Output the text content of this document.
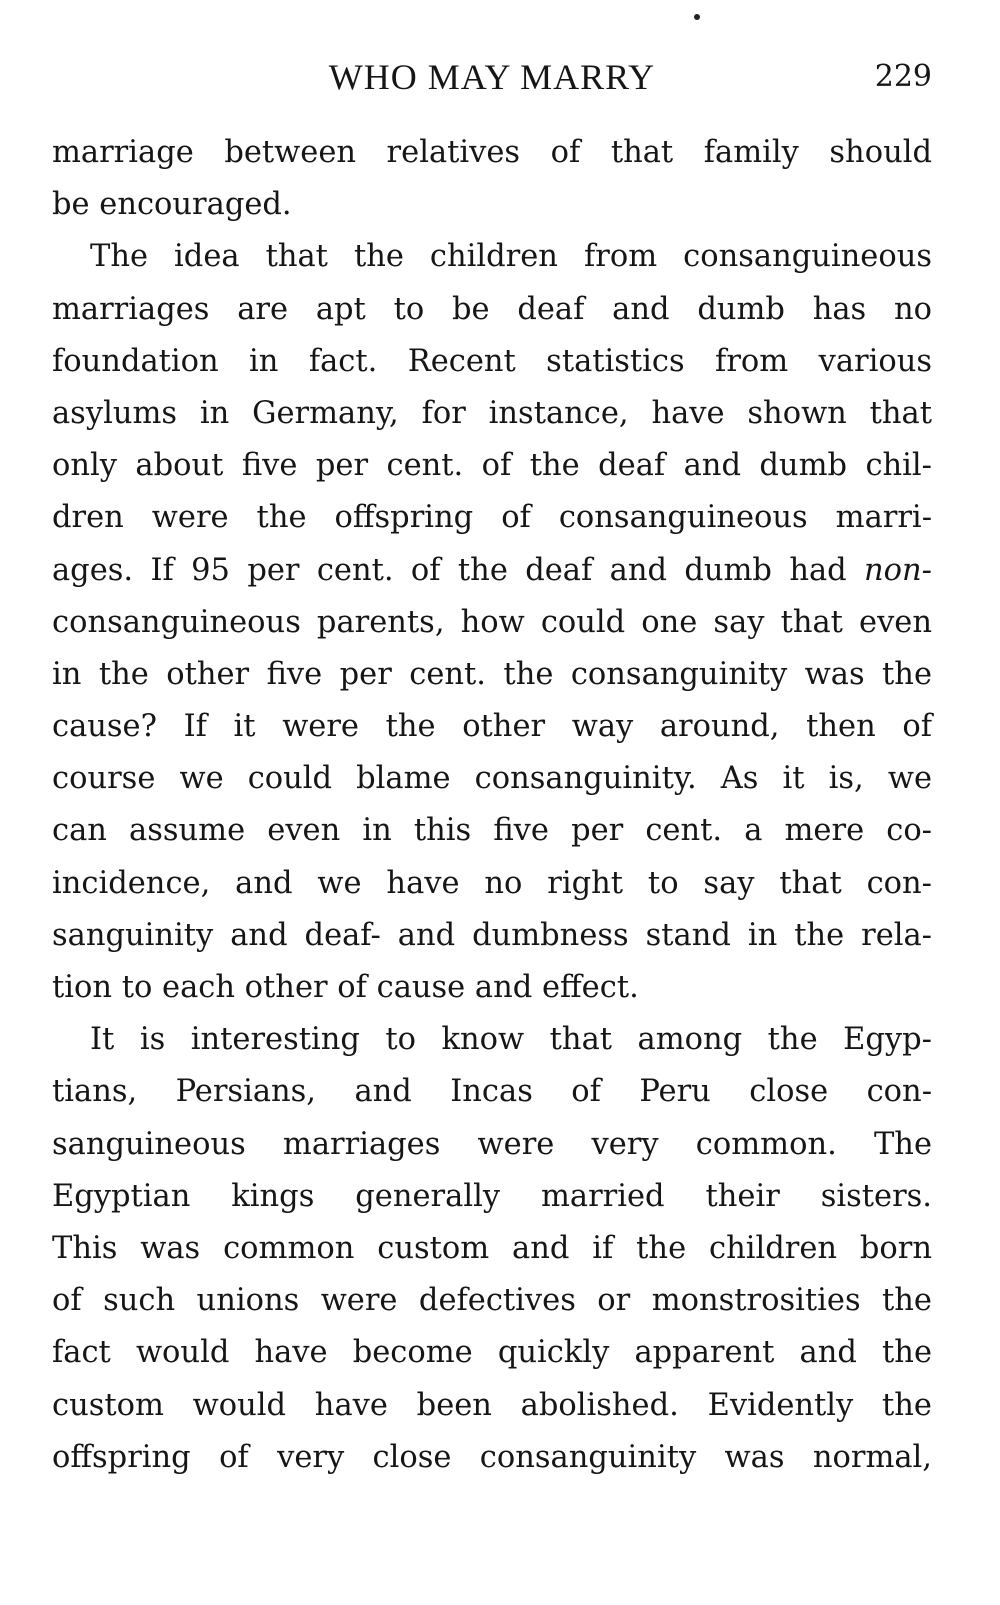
WHO MAY MARRY	229
marriage between relatives of that family should
be encouraged.
The idea that the children from consanguineous
marriages are apt to be deaf and dumb has no
foundation in fact. Recent statistics from various
asylums in Germany, for instance, have shown that
only about five per cent. of the deaf and dumb chil-
dren were the offspring of consanguineous marri-
ages. If 95 per cent. of the deaf and dumb had non-
consanguineous parents, how could one say that even
in the other five per cent. the consanguinity was the
cause? If it were the other way around, then of
course we could blame consanguinity. As it is, we
can assume even in this five per cent. a mere co-
incidence, and we have no right to say that con-
sanguinity and deaf- and dumbness stand in the rela-
tion to each other of cause and effect.
It is interesting to know that among the Egyp-
tians, Persians, and Incas of Peru close con-
sanguineous marriages were very common. The
Egyptian kings generally married their sisters.
This was common custom and if the children born
of such unions were defectives or monstrosities the
fact would have become quickly apparent and the
custom would have been abolished. Evidently the
offspring of very close consanguinity was normal,
